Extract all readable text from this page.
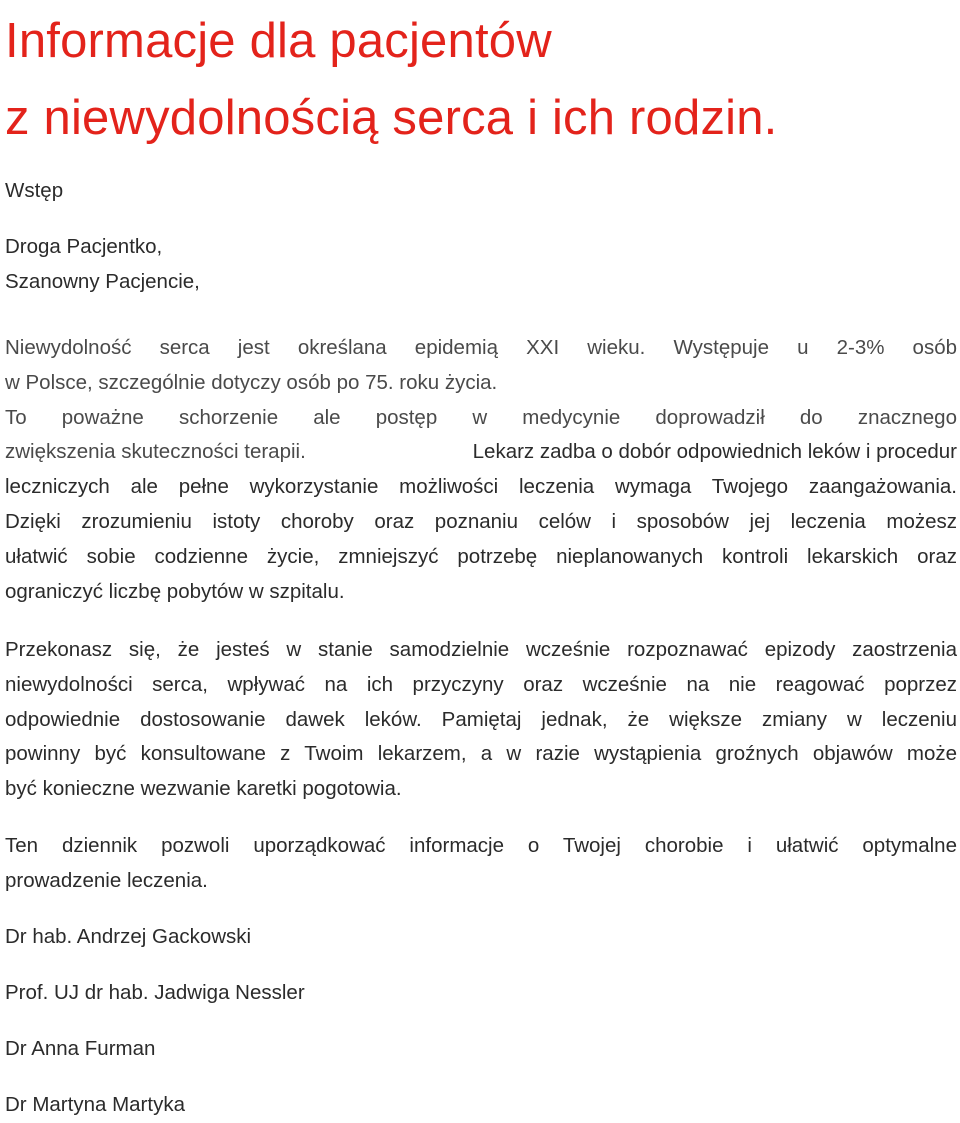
Informacje dla pacjentów
z niewydolnością serca i ich rodzin.

Wstęp

Droga Pacjentko,

Szanowny Pacjencie,

Niewydolność serca jest określana epidemią XXI wieku. Występuje u 2-3% osób
w Polsce, szczególnie dotyczy osób po 75. roku życia.
To poważne schorzenie ale postęp w medycynie doprowadził do znacznego
zwiększenia skuteczności terapii.	Lekarz zadba o dobór odpowiednich leków i procedur
leczniczych ale pełne wykorzystanie możliwości leczenia wymaga Twojego zaangażowania.
Dzięki zrozumieniu istoty choroby oraz poznaniu celów i sposobów jej leczenia możesz
ułatwić sobie codzienne życie, zmniejszyć potrzebę nieplanowanych kontroli lekarskich oraz
ograniczyć liczbę pobytów w szpitalu.
Przekonasz się, że jesteś w stanie samodzielnie wcześnie rozpoznawać epizody zaostrzenia
niewydolności serca, wpływać na ich przyczyny oraz wcześnie na nie reagować poprzez
odpowiednie dostosowanie dawek leków. Pamiętaj jednak, że większe zmiany w leczeniu
powinny być konsultowane z Twoim lekarzem, a w razie wystąpienia groźnych objawów może
być konieczne wezwanie karetki pogotowia.
Ten dziennik pozwoli uporządkować informacje o Twojej chorobie i ułatwić optymalne
prowadzenie leczenia.

Dr hab. Andrzej Gackowski

Prof. UJ dr hab. Jadwiga Nessler

Dr Anna Furman

Dr Martyna Martyka
